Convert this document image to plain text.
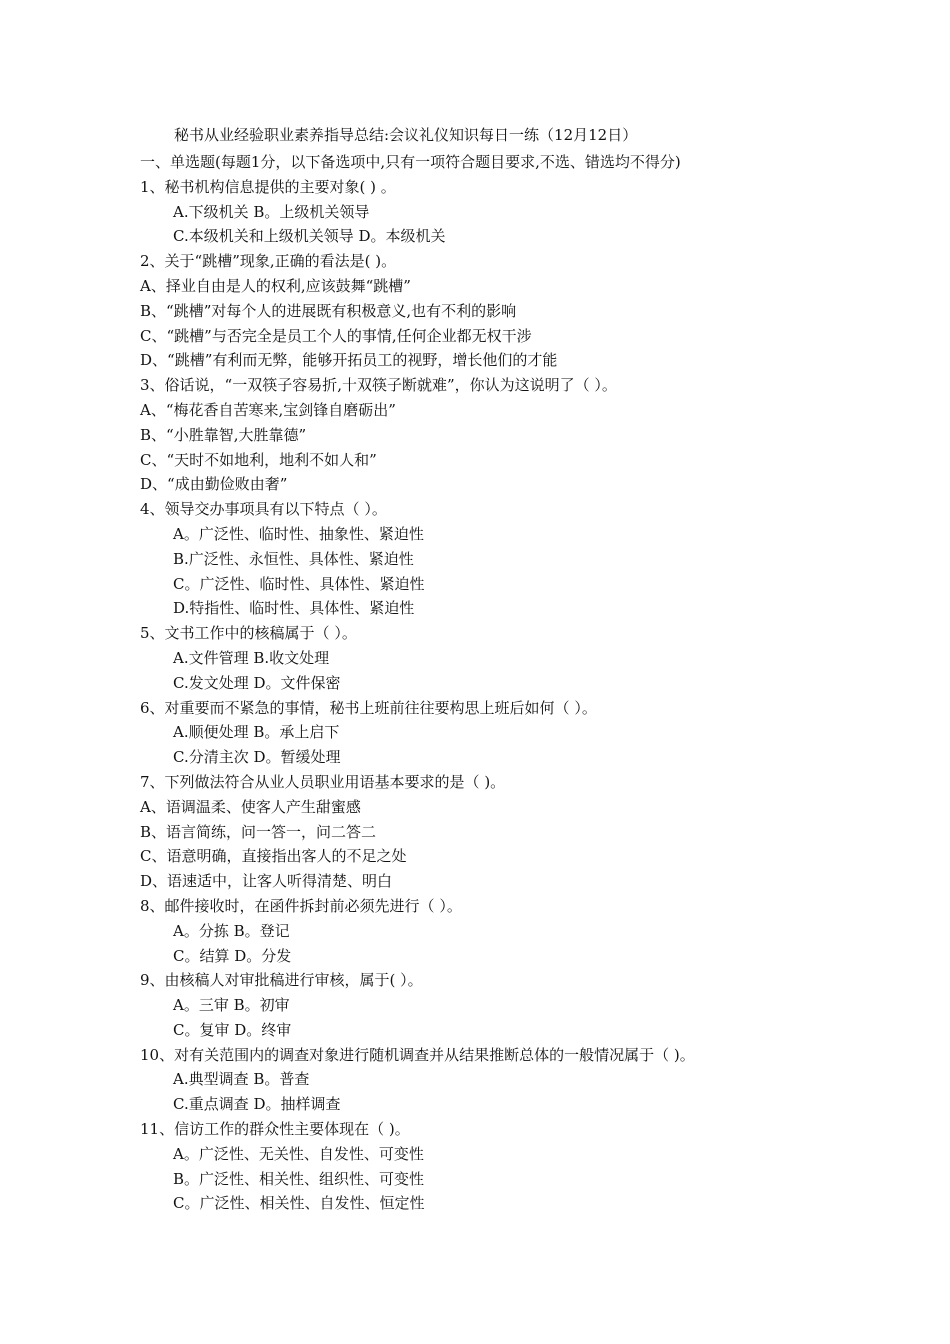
秘书从业经验职业素养指导总结:会议礼仪知识每日一练（12月12日）
一、单选题(每题1分，以下备选项中,只有一项符合题目要求,不选、错选均不得分)
1、秘书机构信息提供的主要对象( ) 。
A.下级机关 B。上级机关领导
C.本级机关和上级机关领导 D。本级机关
2、关于“跳槽”现象,正确的看法是( )。
A、择业自由是人的权利,应该鼓舞“跳槽”
B、“跳槽”对每个人的进展既有积极意义,也有不利的影响
C、“跳槽”与否完全是员工个人的事情,任何企业都无权干涉
D、“跳槽”有利而无弊，能够开拓员工的视野，增长他们的才能
3、俗话说，“一双筷子容易折,十双筷子断就难”，你认为这说明了（ ）。
A、“梅花香自苦寒来,宝剑锋自磨砺出”
B、“小胜靠智,大胜靠德”
C、“天时不如地利，地利不如人和”
D、“成由勤俭败由奢”
4、领导交办事项具有以下特点（ ）。
A。广泛性、临时性、抽象性、紧迫性
B.广泛性、永恒性、具体性、紧迫性
C。广泛性、临时性、具体性、紧迫性
D.特指性、临时性、具体性、紧迫性
5、文书工作中的核稿属于（ ）。
A.文件管理 B.收文处理
C.发文处理 D。文件保密
6、对重要而不紧急的事情，秘书上班前往往要构思上班后如何（ ）。
A.顺便处理 B。承上启下
C.分清主次 D。暂缓处理
7、下列做法符合从业人员职业用语基本要求的是（ )。
A、语调温柔、使客人产生甜蜜感
B、语言简练，问一答一，问二答二
C、语意明确，直接指出客人的不足之处
D、语速适中，让客人听得清楚、明白
8、邮件接收时，在函件拆封前必须先进行（ ）。
A。分拣 B。登记
C。结算 D。分发
9、由核稿人对审批稿进行审核，属于( ）。
A。三审 B。初审
C。复审 D。终审
10、对有关范围内的调查对象进行随机调查并从结果推断总体的一般情况属于（ )。
A.典型调查 B。普查
C.重点调查 D。抽样调查
11、信访工作的群众性主要体现在（ )。
A。广泛性、无关性、自发性、可变性
B。广泛性、相关性、组织性、可变性
C。广泛性、相关性、自发性、恒定性
